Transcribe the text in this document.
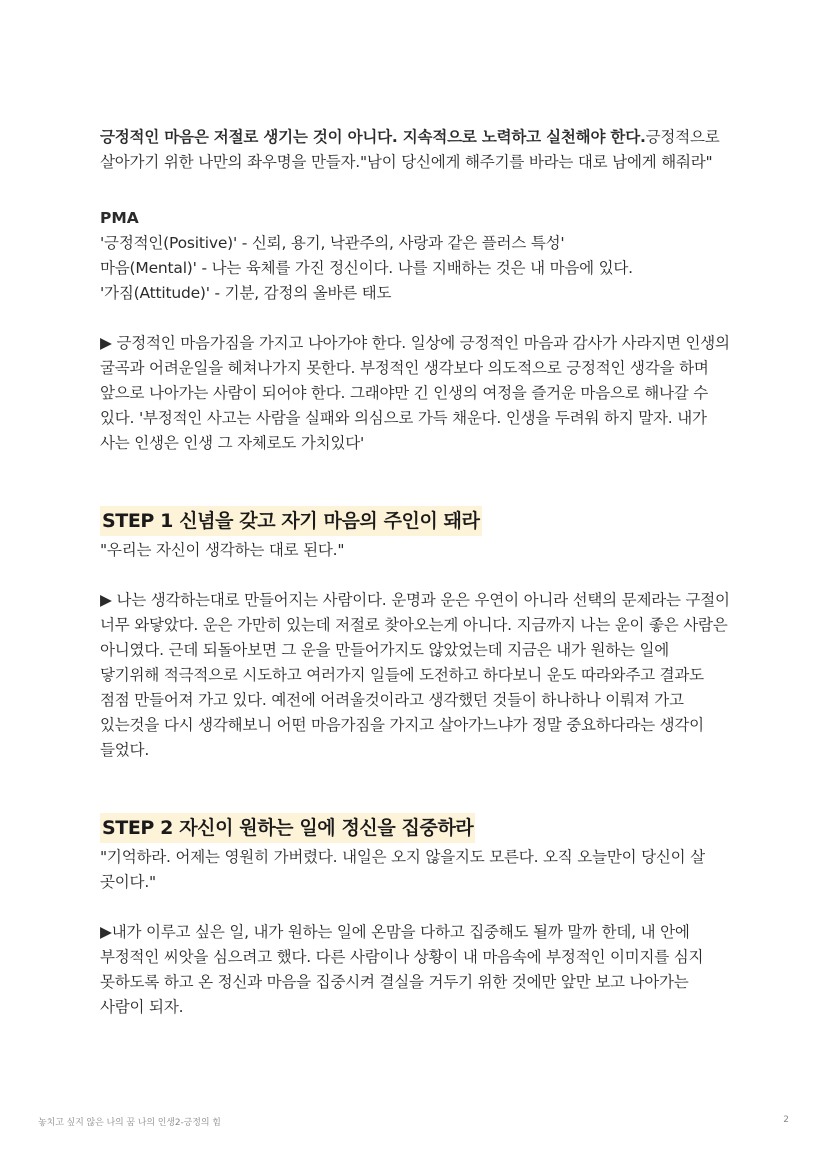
긍정적인 마음은 저절로 생기는 것이 아니다. 지속적으로 노력하고 실천해야 한다.긍정적으로 살아가기 위한 나만의 좌우명을 만들자."남이 당신에게 해주기를 바라는 대로 남에게 해줘라"

PMA

'긍정적인(Positive)' - 신뢰, 용기, 낙관주의, 사랑과 같은 플러스 특성'

마음(Mental)' - 나는 육체를 가진 정신이다. 나를 지배하는 것은 내 마음에 있다.

'가짐(Attitude)' - 기분, 감정의 올바른 태도

▶ 긍정적인 마음가짐을 가지고 나아가야 한다. 일상에 긍정적인 마음과 감사가 사라지면 인생의 굴곡과 어려운일을 헤쳐나가지 못한다. 부정적인 생각보다 의도적으로 긍정적인 생각을 하며 앞으로 나아가는 사람이 되어야 한다. 그래야만 긴 인생의 여정을 즐거운 마음으로 해나갈 수 있다. '부정적인 사고는 사람을 실패와 의심으로 가득 채운다. 인생을 두려워 하지 말자. 내가 사는 인생은 인생 그 자체로도 가치있다'

STEP 1 신념을 갖고 자기 마음의 주인이 돼라

"우리는 자신이 생각하는 대로 된다."

▶ 나는 생각하는대로 만들어지는 사람이다. 운명과 운은 우연이 아니라 선택의 문제라는 구절이 너무 와닿았다. 운은 가만히 있는데 저절로 찾아오는게 아니다. 지금까지 나는 운이 좋은 사람은 아니였다. 근데 되돌아보면 그 운을 만들어가지도 않았었는데 지금은 내가 원하는 일에 닿기위해 적극적으로 시도하고 여러가지 일들에 도전하고 하다보니 운도 따라와주고 결과도 점점 만들어져 가고 있다. 예전에 어려울것이라고 생각했던 것들이 하나하나 이뤄져 가고 있는것을 다시 생각해보니 어떤 마음가짐을 가지고 살아가느냐가 정말 중요하다라는 생각이 들었다.

STEP 2 자신이 원하는 일에 정신을 집중하라

"기억하라. 어제는 영원히 가버렸다. 내일은 오지 않을지도 모른다. 오직 오늘만이 당신이 살 곳이다."

▶내가 이루고 싶은 일, 내가 원하는 일에 온맘을 다하고 집중해도 될까 말까 한데, 내 안에 부정적인 씨앗을 심으려고 했다. 다른 사람이나 상황이 내 마음속에 부정적인 이미지를 심지 못하도록 하고 온 정신과 마음을 집중시켜 결실을 거두기 위한 것에만 앞만 보고 나아가는 사람이 되자.

놓치고 싶지 않은 나의 꿈 나의 인생2-긍정의 힘	2
